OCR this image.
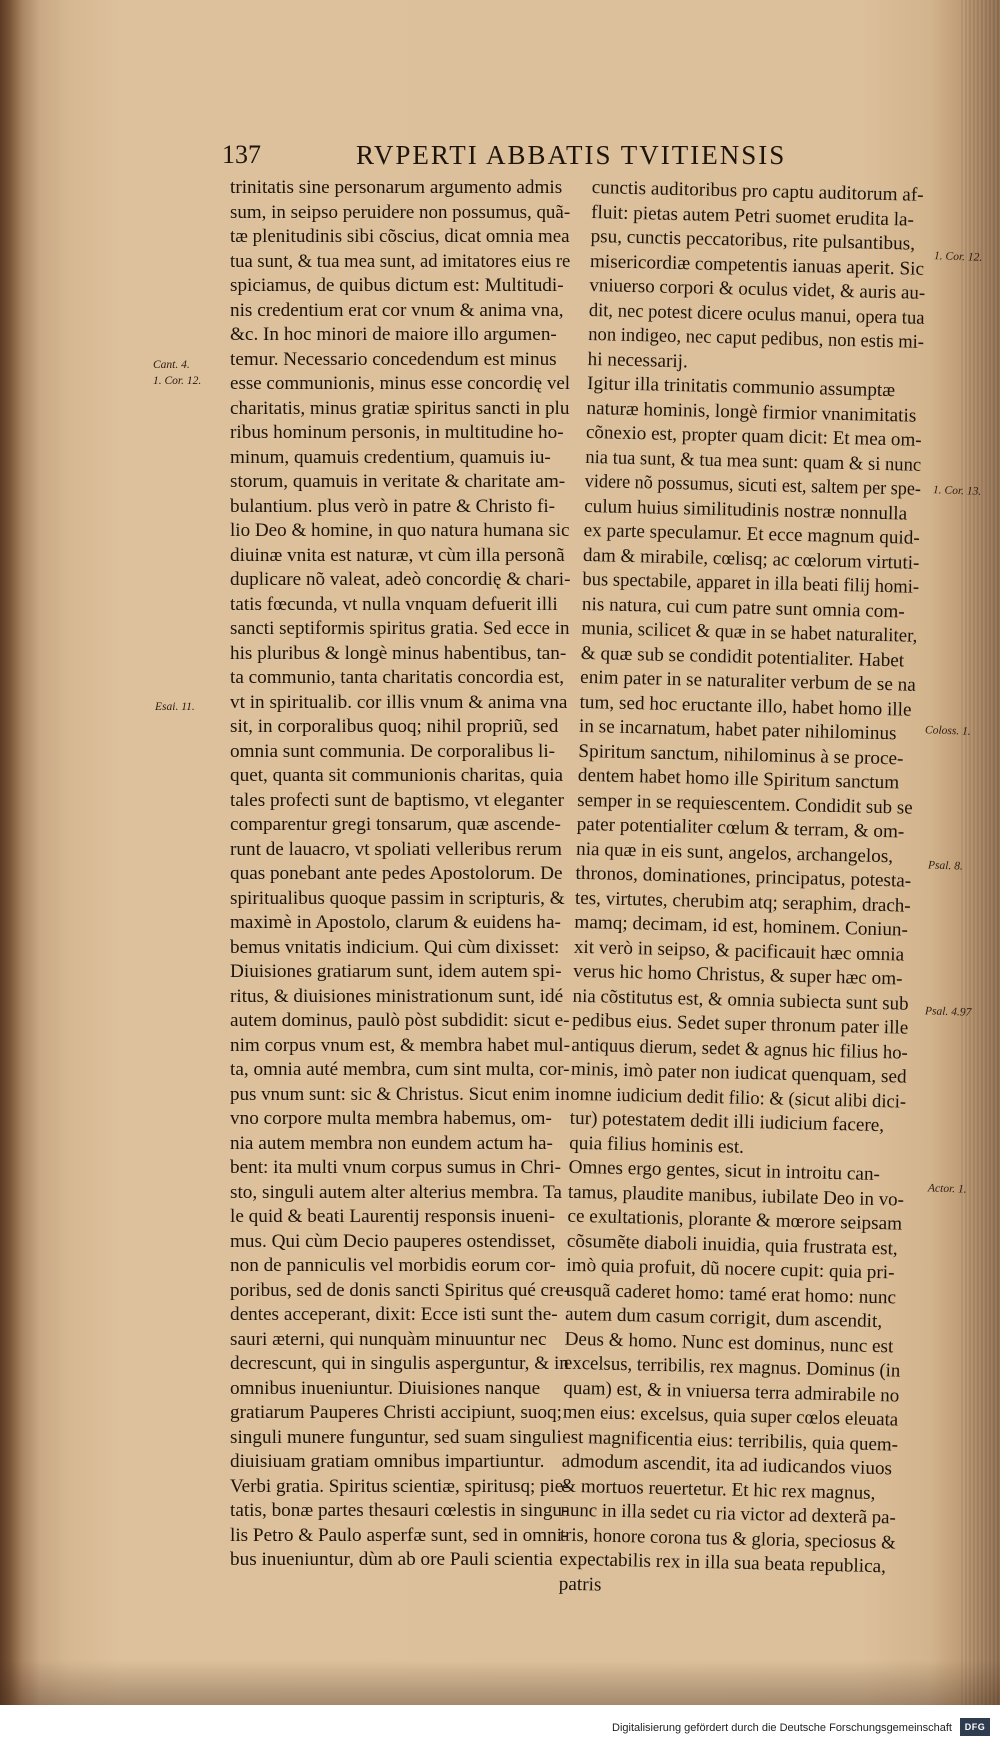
137	RVPERTI ABBATIS TVITIENSIS
trinitatis sine personarum argumento admis
sum, in seipso peruidere non possumus, quã-
tæ plenitudinis sibi cõscius, dicat omnia mea
tua sunt, & tua mea sunt, ad imitatores eius re
spiciamus, de quibus dictum est: Multitudi-
nis credentium erat cor vnum & anima vna,
&c. In hoc minori de maiore illo argumen-
temur. Necessario concedendum est minus
esse communionis, minus esse concordię vel
charitatis, minus gratiæ spiritus sancti in plu
ribus hominum personis, in multitudine ho-
minum, quamuis credentium, quamuis iu-
storum, quamuis in veritate & charitate am-
bulantium. plus verò in patre & Christo fi-
lio Deo & homine, in quo natura humana sic
diuinæ vnita est naturæ, vt cùm illa personã
duplicare nõ valeat, adeò concordię & chari-
tatis fœcunda, vt nulla vnquam defuerit illi
sancti septiformis spiritus gratia. Sed ecce in
his pluribus & longè minus habentibus, tan-
ta communio, tanta charitatis concordia est,
vt in spiritualib. cor illis vnum & anima vna
sit, in corporalibus quoq; nihil propriũ, sed
omnia sunt communia. De corporalibus li-
quet, quanta sit communionis charitas, quia
tales profecti sunt de baptismo, vt eleganter
comparentur gregi tonsarum, quæ ascende-
runt de lauacro, vt spoliati velleribus rerum
quas ponebant ante pedes Apostolorum. De
spiritualibus quoque passim in scripturis, &
maximè in Apostolo, clarum & euidens ha-
bemus vnitatis indicium. Qui cùm dixisset:
Diuisiones gratiarum sunt, idem autem spi-
ritus, & diuisiones ministrationum sunt, idé
autem dominus, paulò pòst subdidit: sicut e-
nim corpus vnum est, & membra habet mul-
ta, omnia auté membra, cum sint multa, cor-
pus vnum sunt: sic & Christus. Sicut enim in
vno corpore multa membra habemus, om-
nia autem membra non eundem actum ha-
bent: ita multi vnum corpus sumus in Chri-
sto, singuli autem alter alterius membra. Ta
le quid & beati Laurentij responsis inueni-
mus. Qui cùm Decio pauperes ostendisset,
non de panniculis vel morbidis eorum cor-
poribus, sed de donis sancti Spiritus qué cre-
dentes acceperant, dixit: Ecce isti sunt the-
sauri æterni, qui nunquàm minuuntur nec
decrescunt, qui in singulis asperguntur, & in
omnibus inueniuntur. Diuisiones nanque
gratiarum Pauperes Christi accipiunt, suoq;
singuli munere funguntur, sed suam singuli
diuisiuam gratiam omnibus impartiuntur.
Verbi gratia. Spiritus scientiæ, spiritusq; pie-
tatis, bonæ partes thesauri cœlestis in singu-
lis Petro & Paulo asperfæ sunt, sed in omni-
bus inueniuntur, dùm ab ore Pauli scientia
cunctis auditoribus pro captu auditorum af-
fluit: pietas autem Petri suomet erudita la-
psu, cunctis peccatoribus, rite pulsantibus,
misericordiæ competentis ianuas aperit. Sic
vniuerso corpori & oculus videt, & auris au-
dit, nec potest dicere oculus manui, opera tua
non indigeo, nec caput pedibus, non estis mi-
hi necessarij.
Igitur illa trinitatis communio assumptæ
naturæ hominis, longè firmior vnanimitatis
cõnexio est, propter quam dicit: Et mea om-
nia tua sunt, & tua mea sunt: quam & si nunc
videre nõ possumus, sicuti est, saltem per spe-
culum huius similitudinis nostræ nonnulla
ex parte speculamur. Et ecce magnum quid-
dam & mirabile, cœlisq; ac cœlorum virtuti-
bus spectabile, apparet in illa beati filij homi-
nis natura, cui cum patre sunt omnia com-
munia, scilicet & quæ in se habet naturaliter,
& quæ sub se condidit potentialiter. Habet
enim pater in se naturaliter verbum de se na
tum, sed hoc eructante illo, habet homo ille
in se incarnatum, habet pater nihilominus
Spiritum sanctum, nihilominus à se proce-
dentem habet homo ille Spiritum sanctum
semper in se requiescentem. Condidit sub se
pater potentialiter cœlum & terram, & om-
nia quæ in eis sunt, angelos, archangelos,
thronos, dominationes, principatus, potesta-
tes, virtutes, cherubim atq; seraphim, drach-
mamq; decimam, id est, hominem. Coniun-
xit verò in seipso, & pacificauit hæc omnia
verus hic homo Christus, & super hæc om-
nia cõstitutus est, & omnia subiecta sunt sub
pedibus eius. Sedet super thronum pater ille
antiquus dierum, sedet & agnus hic filius ho-
minis, imò pater non iudicat quenquam, sed
omne iudicium dedit filio: & (sicut alibi dici-
tur) potestatem dedit illi iudicium facere,
quia filius hominis est.
Omnes ergo gentes, sicut in introitu can-
tamus, plaudite manibus, iubilate Deo in vo-
ce exultationis, plorante & mœrore seipsam
cõsumẽte diaboli inuidia, quia frustrata est,
imò quia profuit, dũ nocere cupit: quia pri-
usquã caderet homo: tamé erat homo: nunc
autem dum casum corrigit, dum ascendit,
Deus & homo. Nunc est dominus, nunc est
excelsus, terribilis, rex magnus. Dominus (in
quam) est, & in vniuersa terra admirabile no
men eius: excelsus, quia super cœlos eleuata
est magnificentia eius: terribilis, quia quem-
admodum ascendit, ita ad iudicandos viuos
& mortuos reuertetur. Et hic rex magnus,
nunc in illa sedet cu ria victor ad dexterã pa-
tris, honore corona tus & gloria, speciosus &
expectabilis rex in illa sua beata republica,
patris
Cant. 4.
1. Cor. 12.
Esai. 11.
1. Cor. 12.
1. Cor. 13.
Coloss. 1.
Psal. 8.
Psal. 4.97
Actor. 1.
Digitalisierung gefördert durch die Deutsche Forschungsgemeinschaft	DFG
